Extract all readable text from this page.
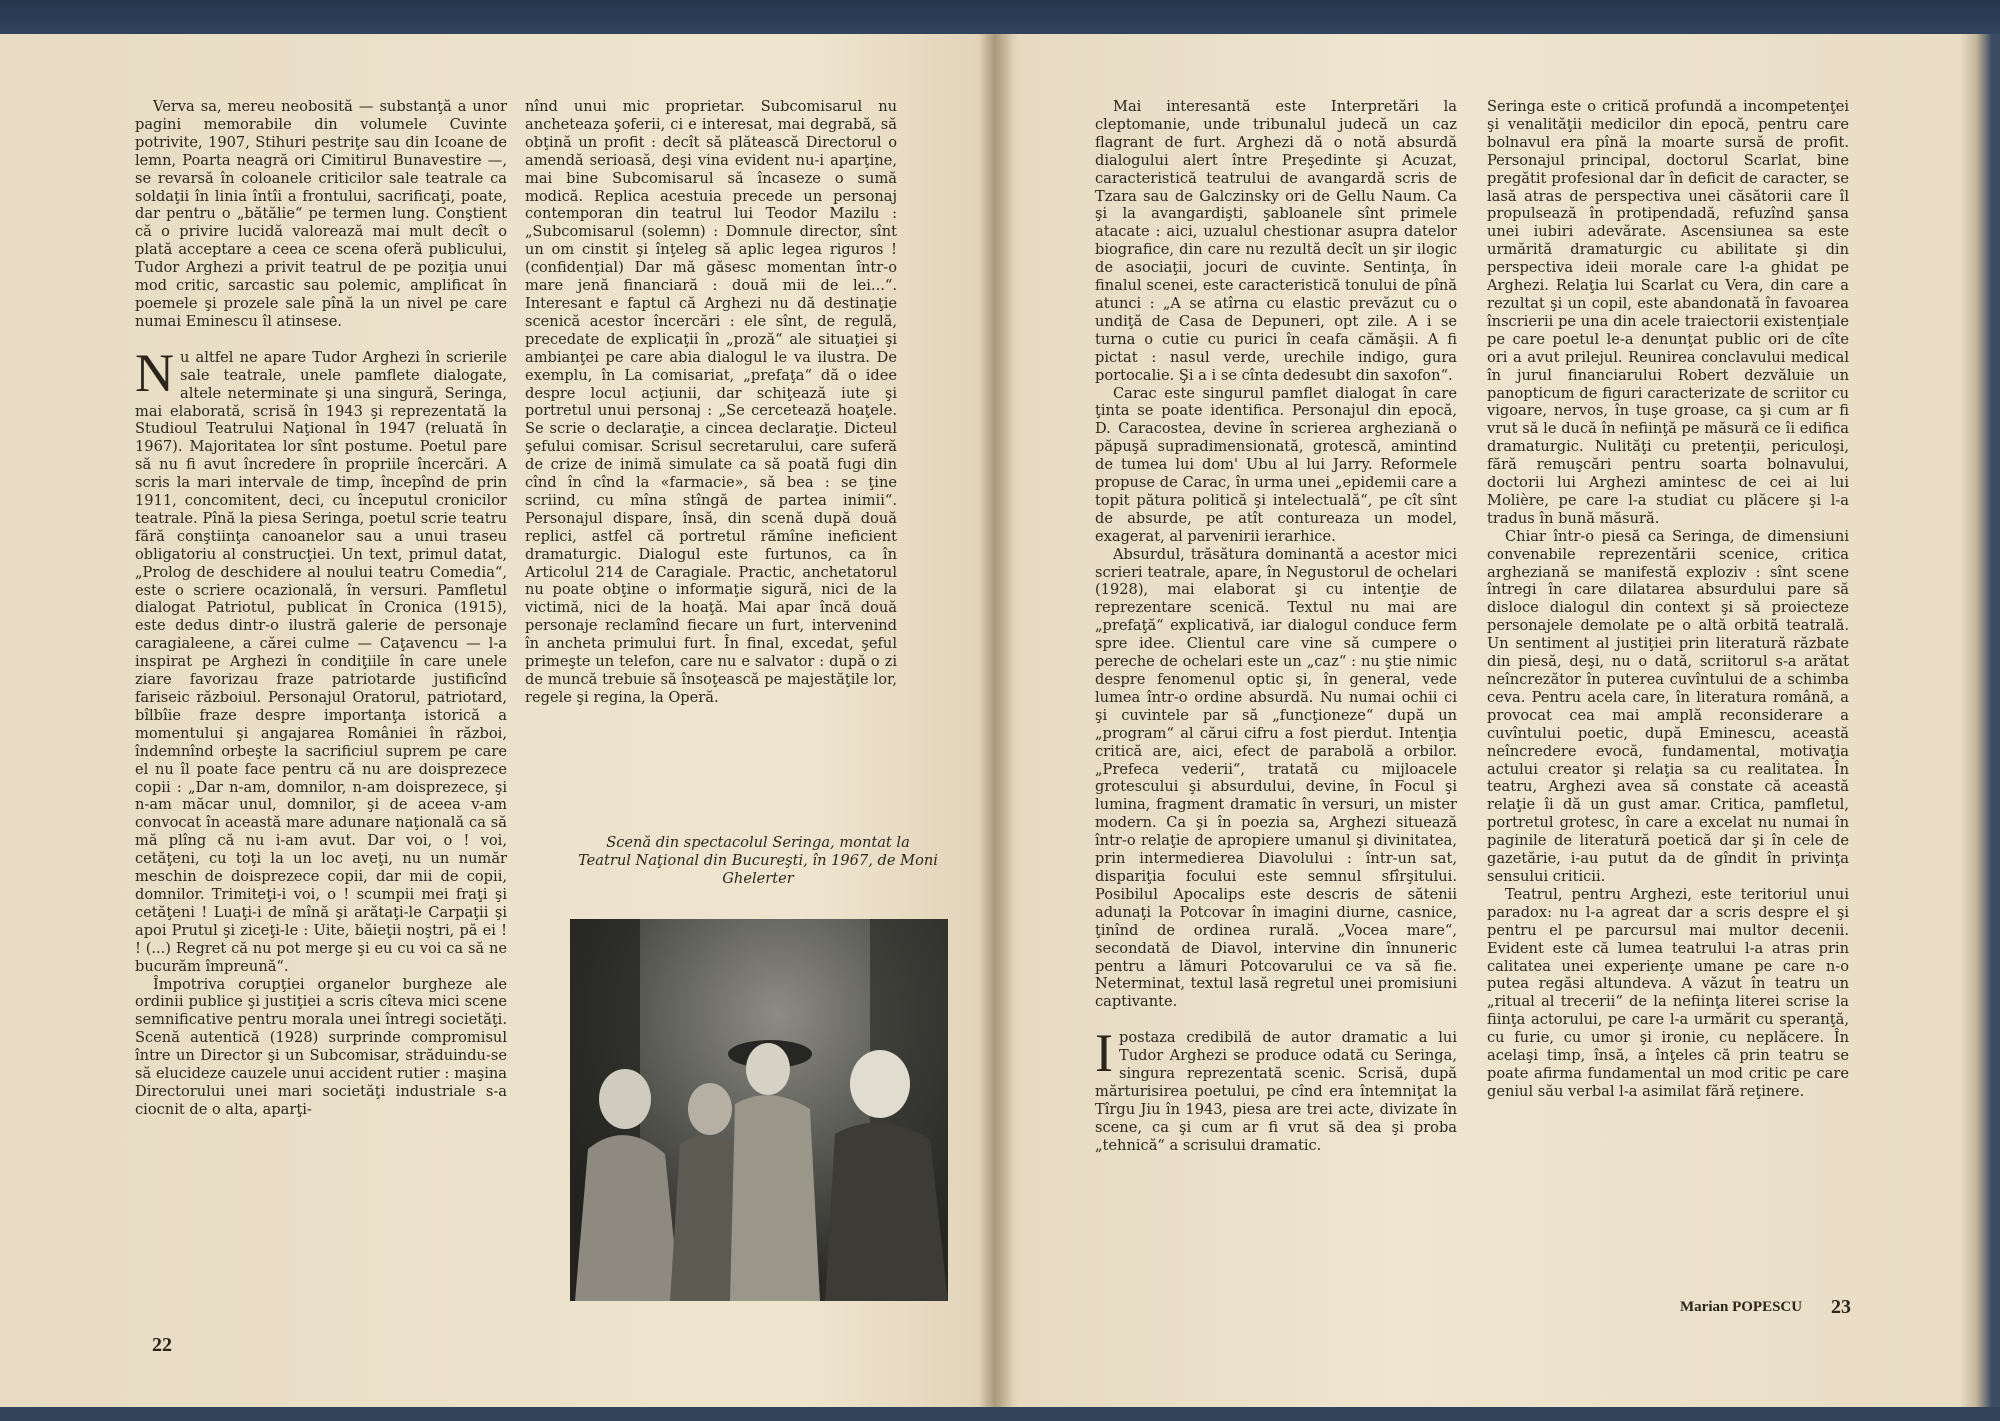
Verva sa, mereu neobosită — substanţă a unor pagini memorabile din volumele Cuvinte potrivite, 1907, Stihuri pestriţe sau din Icoane de lemn, Poarta neagră ori Cimitirul Bunavestire —, se revarsă în coloanele criticilor sale teatrale ca soldaţii în linia întîi a frontului, sacrificaţi, poate, dar pentru o „bătălie“ pe termen lung. Conştient că o privire lucidă valorează mai mult decît o plată acceptare a ceea ce scena oferă publicului, Tudor Arghezi a privit teatrul de pe poziţia unui mod critic, sarcastic sau polemic, amplificat în poemele şi prozele sale pînă la un nivel pe care numai Eminescu îl atinsese.

Nu altfel ne apare Tudor Arghezi în scrierile sale teatrale, unele pamflete dialogate, altele neterminate şi una singură, Seringa, mai elaborată, scrisă în 1943 şi reprezentată la Studioul Teatrului Naţional în 1947 (reluată în 1967). Majoritatea lor sînt postume. Poetul pare să nu fi avut încredere în propriile încercări. A scris la mari intervale de timp, începînd de prin 1911, concomitent, deci, cu începutul cronicilor teatrale. Pînă la piesa Seringa, poetul scrie teatru fără conştiinţa canoanelor sau a unui traseu obligatoriu al construcţiei. Un text, primul datat, „Prolog de deschidere al noului teatru Comedia“, este o scriere ocazională, în versuri. Pamfletul dialogat Patriotul, publicat în Cronica (1915), este dedus dintr-o ilustră galerie de personaje caragialeene, a cărei culme — Caţavencu — l-a inspirat pe Arghezi în condiţiile în care unele ziare favorizau fraze patriotarde justificînd fariseic războiul. Personajul Oratorul, patriotard, bîlbîie fraze despre importanţa istorică a momentului şi angajarea României în război, îndemnînd orbeşte la sacrificiul suprem pe care el nu îl poate face pentru că nu are doisprezece copii : „Dar n-am, domnilor, n-am doisprezece, şi n-am măcar unul, domnilor, şi de aceea v-am convocat în această mare adunare naţională ca să mă plîng că nu i-am avut. Dar voi, o ! voi, cetăţeni, cu toţi la un loc aveţi, nu un număr meschin de doisprezece copii, dar mii de copii, domnilor. Trimiteţi-i voi, o ! scumpii mei fraţi şi cetăţeni ! Luaţi-i de mînă şi arătaţi-le Carpaţii şi apoi Prutul şi ziceţi-le : Uite, băieţii noştri, pă ei ! ! (...) Regret că nu pot merge şi eu cu voi ca să ne bucurăm împreună“.

Împotriva corupţiei organelor burgheze ale ordinii publice şi justiţiei a scris cîteva mici scene semnificative pentru morala unei întregi societăţi. Scenă autentică (1928) surprinde compromisul între un Director şi un Subcomisar, străduindu-se să elucideze cauzele unui accident rutier : maşina Directorului unei mari societăţi industriale s-a ciocnit de o alta, aparţi-

nînd unui mic proprietar. Subcomisarul nu ancheteaza şoferii, ci e interesat, mai degrabă, să obţină un profit : decît să plătească Directorul o amendă serioasă, deşi vina evident nu-i aparţine, mai bine Subcomisarul să încaseze o sumă modică. Replica acestuia precede un personaj contemporan din teatrul lui Teodor Mazilu : „Subcomisarul (solemn) : Domnule director, sînt un om cinstit şi înţeleg să aplic legea riguros ! (confidenţial) Dar mă găsesc momentan într-o mare jenă financiară : două mii de lei...“. Interesant e faptul că Arghezi nu dă destinaţie scenică acestor încercări : ele sînt, de regulă, precedate de explicaţii în „proză“ ale situaţiei şi ambianţei pe care abia dialogul le va ilustra. De exemplu, în La comisariat, „prefaţa“ dă o idee despre locul acţiunii, dar schiţează iute şi portretul unui personaj : „Se cercetează hoaţele. Se scrie o declaraţie, a cincea declaraţie. Dicteul şefului comisar. Scrisul secretarului, care suferă de crize de inimă simulate ca să poată fugi din cînd în cînd la «farmacie», să bea : se ţine scriind, cu mîna stîngă de partea inimii“. Personajul dispare, însă, din scenă după două replici, astfel că portretul rămîne ineficient dramaturgic. Dialogul este furtunos, ca în Articolul 214 de Caragiale. Practic, anchetatorul nu poate obţine o informaţie sigură, nici de la victimă, nici de la hoaţă. Mai apar încă două personaje reclamînd fiecare un furt, intervenind în ancheta primului furt. În final, excedat, şeful primeşte un telefon, care nu e salvator : după o zi de muncă trebuie să însoţească pe majestăţile lor, regele şi regina, la Operă.

Scenă din spectacolul Seringa, montat la Teatrul Naţional din Bucureşti, în 1967, de Moni Ghelerter
22

Mai interesantă este Interpretări la cleptomanie, unde tribunalul judecă un caz flagrant de furt. Arghezi dă o notă absurdă dialogului alert între Preşedinte şi Acuzat, caracteristică teatrului de avangardă scris de Tzara sau de Galczinsky ori de Gellu Naum. Ca şi la avangardişti, şabloanele sînt primele atacate : aici, uzualul chestionar asupra datelor biografice, din care nu rezultă decît un şir ilogic de asociaţii, jocuri de cuvinte. Sentinţa, în finalul scenei, este caracteristică tonului de pînă atunci : „A se atîrna cu elastic prevăzut cu o undiţă de Casa de Depuneri, opt zile. A i se turna o cutie cu purici în ceafa cămăşii. A fi pictat : nasul verde, urechile indigo, gura portocalie. Şi a i se cînta dedesubt din saxofon“.

Carac este singurul pamflet dialogat în care ţinta se poate identifica. Personajul din epocă, D. Caracostea, devine în scrierea argheziană o păpuşă supradimensionată, grotescă, amintind de tumea lui dom' Ubu al lui Jarry. Reformele propuse de Carac, în urma unei „epidemii care a topit pătura politică şi intelectuală“, pe cît sînt de absurde, pe atît contureaza un model, exagerat, al parvenirii ierarhice.

Absurdul, trăsătura dominantă a acestor mici scrieri teatrale, apare, în Negustorul de ochelari (1928), mai elaborat şi cu intenţie de reprezentare scenică. Textul nu mai are „prefaţă“ explicativă, iar dialogul conduce ferm spre idee. Clientul care vine să cumpere o pereche de ochelari este un „caz“ : nu ştie nimic despre fenomenul optic şi, în general, vede lumea într-o ordine absurdă. Nu numai ochii ci şi cuvintele par să „funcţioneze“ după un „program“ al cărui cifru a fost pierdut. Intenţia critică are, aici, efect de parabolă a orbilor. „Prefeca vederii“, tratată cu mijloacele grotescului şi absurdului, devine, în Focul şi lumina, fragment dramatic în versuri, un mister modern. Ca şi în poezia sa, Arghezi situează într-o relaţie de apropiere umanul şi divinitatea, prin intermedierea Diavolului : într-un sat, dispariţia focului este semnul sfîrşitului. Posibilul Apocalips este descris de sătenii adunaţi la Potcovar în imagini diurne, casnice, ţinînd de ordinea rurală. „Vocea mare“, secondată de Diavol, intervine din înnuneric pentru a lămuri Potcovarului ce va să fie. Neterminat, textul lasă regretul unei promisiuni captivante.

Ipostaza credibilă de autor dramatic a lui Tudor Arghezi se produce odată cu Seringa, singura reprezentată scenic. Scrisă, după mărturisirea poetului, pe cînd era întemniţat la Tîrgu Jiu în 1943, piesa are trei acte, divizate în scene, ca şi cum ar fi vrut să dea şi proba „tehnică“ a scrisului dramatic.

Seringa este o critică profundă a incompetenţei şi venalităţii medicilor din epocă, pentru care bolnavul era pînă la moarte sursă de profit. Personajul principal, doctorul Scarlat, bine pregătit profesional dar în deficit de caracter, se lasă atras de perspectiva unei căsătorii care îl propulsează în protipendadă, refuzînd şansa unei iubiri adevărate. Ascensiunea sa este urmărită dramaturgic cu abilitate şi din perspectiva ideii morale care l-a ghidat pe Arghezi. Relaţia lui Scarlat cu Vera, din care a rezultat şi un copil, este abandonată în favoarea înscrierii pe una din acele traiectorii existenţiale pe care poetul le-a denunţat public ori de cîte ori a avut prilejul. Reunirea conclavului medical în jurul financiarului Robert dezvăluie un panopticum de figuri caracterizate de scriitor cu vigoare, nervos, în tuşe groase, ca şi cum ar fi vrut să le ducă în nefiinţă pe măsură ce îi edifica dramaturgic. Nulităţi cu pretenţii, periculoşi, fără remuşcări pentru soarta bolnavului, doctorii lui Arghezi amintesc de cei ai lui Molière, pe care l-a studiat cu plăcere şi l-a tradus în bună măsură.

Chiar într-o piesă ca Seringa, de dimensiuni convenabile reprezentării scenice, critica argheziană se manifestă exploziv : sînt scene întregi în care dilatarea absurdului pare să disloce dialogul din context şi să proiecteze personajele demolate pe o altă orbită teatrală. Un sentiment al justiţiei prin literatură răzbate din piesă, deşi, nu o dată, scriitorul s-a arătat neîncrezător în puterea cuvîntului de a schimba ceva. Pentru acela care, în literatura română, a provocat cea mai amplă reconsiderare a cuvîntului poetic, după Eminescu, această neîncredere evocă, fundamental, motivaţia actului creator şi relaţia sa cu realitatea. În teatru, Arghezi avea să constate că această relaţie îi dă un gust amar. Critica, pamfletul, portretul grotesc, în care a excelat nu numai în paginile de literatură poetică dar şi în cele de gazetărie, i-au putut da de gîndit în privinţa sensului criticii.

Teatrul, pentru Arghezi, este teritoriul unui paradox: nu l-a agreat dar a scris despre el şi pentru el pe parcursul mai multor decenii. Evident este că lumea teatrului l-a atras prin calitatea unei experienţe umane pe care n-o putea regăsi altundeva. A văzut în teatru un „ritual al trecerii“ de la nefiinţa literei scrise la fiinţa actorului, pe care l-a urmărit cu speranţă, cu furie, cu umor şi ironie, cu neplăcere. În acelaşi timp, însă, a înţeles că prin teatru se poate afirma fundamental un mod critic pe care geniul său verbal l-a asimilat fără reţinere.

23
Marian POPESCU
